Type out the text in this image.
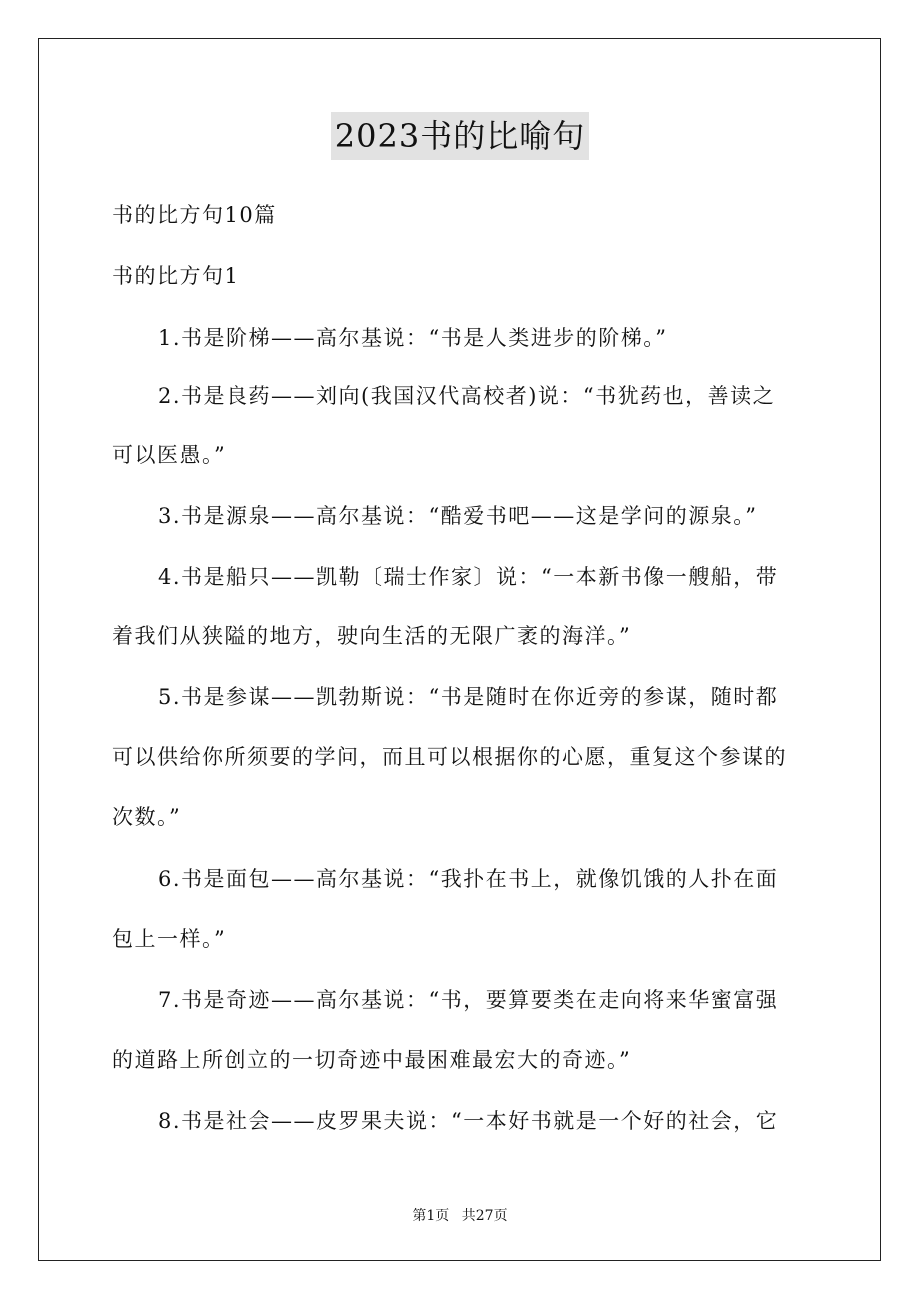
2023书的比喻句
书的比方句10篇
书的比方句1
1.书是阶梯——高尔基说：“书是人类进步的阶梯。”
2.书是良药——刘向(我国汉代高校者)说：“书犹药也，善读之
可以医愚。”
3.书是源泉——高尔基说：“酷爱书吧——这是学问的源泉。”
4.书是船只——凯勒〔瑞士作家〕说：“一本新书像一艘船，带
着我们从狭隘的地方，驶向生活的无限广袤的海洋。”
5.书是参谋——凯勃斯说：“书是随时在你近旁的参谋，随时都
可以供给你所须要的学问，而且可以根据你的心愿，重复这个参谋的
次数。”
6.书是面包——高尔基说：“我扑在书上，就像饥饿的人扑在面
包上一样。”
7.书是奇迹——高尔基说：“书，要算要类在走向将来华蜜富强
的道路上所创立的一切奇迹中最困难最宏大的奇迹。”
8.书是社会——皮罗果夫说：“一本好书就是一个好的社会，它
第1页 共27页
